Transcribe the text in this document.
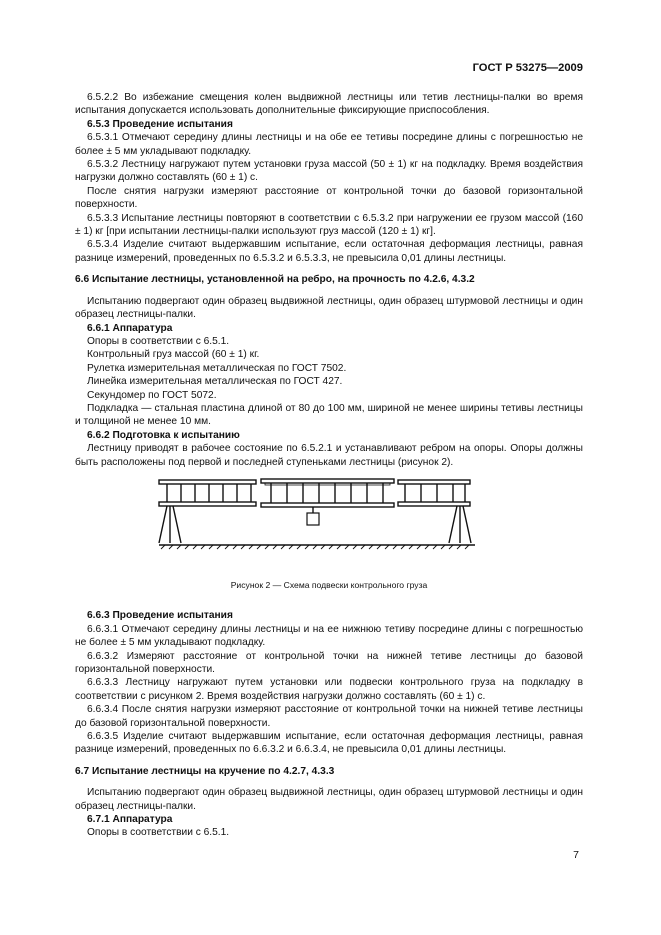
ГОСТ Р 53275—2009

6.5.2.2 Во избежание смещения колен выдвижной лестницы или тетив лестницы-палки во время испытания допускается использовать дополнительные фиксирующие приспособления.

6.5.3 Проведение испытания

6.5.3.1 Отмечают середину длины лестницы и на обе ее тетивы посредине длины с погрешностью не более ± 5 мм укладывают подкладку.

6.5.3.2 Лестницу нагружают путем установки груза массой (50 ± 1) кг на подкладку. Время воздействия нагрузки должно составлять (60 ± 1) с.

После снятия нагрузки измеряют расстояние от контрольной точки до базовой горизонтальной поверхности.

6.5.3.3 Испытание лестницы повторяют в соответствии с 6.5.3.2 при нагружении ее грузом массой (160 ± 1) кг [при испытании лестницы-палки используют груз массой (120 ± 1) кг].

6.5.3.4 Изделие считают выдержавшим испытание, если остаточная деформация лестницы, равная разнице измерений, проведенных по 6.5.3.2 и 6.5.3.3, не превысила 0,01 длины лестницы.

6.6 Испытание лестницы, установленной на ребро, на прочность по 4.2.6, 4.3.2

Испытанию подвергают один образец выдвижной лестницы, один образец штурмовой лестницы и один образец лестницы-палки.

6.6.1 Аппаратура

Опоры в соответствии с 6.5.1.

Контрольный груз массой (60 ± 1) кг.

Рулетка измерительная металлическая по ГОСТ 7502.

Линейка измерительная металлическая по ГОСТ 427.

Секундомер по ГОСТ 5072.

Подкладка — стальная пластина длиной от 80 до 100 мм, шириной не менее ширины тетивы лестницы и толщиной не менее 10 мм.

6.6.2 Подготовка к испытанию

Лестницу приводят в рабочее состояние по 6.5.2.1 и устанавливают ребром на опоры. Опоры должны быть расположены под первой и последней ступеньками лестницы (рисунок 2).

Рисунок 2 — Схема подвески контрольного груза

6.6.3 Проведение испытания

6.6.3.1 Отмечают середину длины лестницы и на ее нижнюю тетиву посредине длины с погрешностью не более ± 5 мм укладывают подкладку.

6.6.3.2 Измеряют расстояние от контрольной точки на нижней тетиве лестницы до базовой горизонтальной поверхности.

6.6.3.3 Лестницу нагружают путем установки или подвески контрольного груза на подкладку в соответствии с рисунком 2. Время воздействия нагрузки должно составлять (60 ± 1) с.

6.6.3.4 После снятия нагрузки измеряют расстояние от контрольной точки на нижней тетиве лестницы до базовой горизонтальной поверхности.

6.6.3.5 Изделие считают выдержавшим испытание, если остаточная деформация лестницы, равная разнице измерений, проведенных по 6.6.3.2 и 6.6.3.4, не превысила 0,01 длины лестницы.

6.7 Испытание лестницы на кручение по 4.2.7, 4.3.3

Испытанию подвергают один образец выдвижной лестницы, один образец штурмовой лестницы и один образец лестницы-палки.

6.7.1 Аппаратура

Опоры в соответствии с 6.5.1.

7
